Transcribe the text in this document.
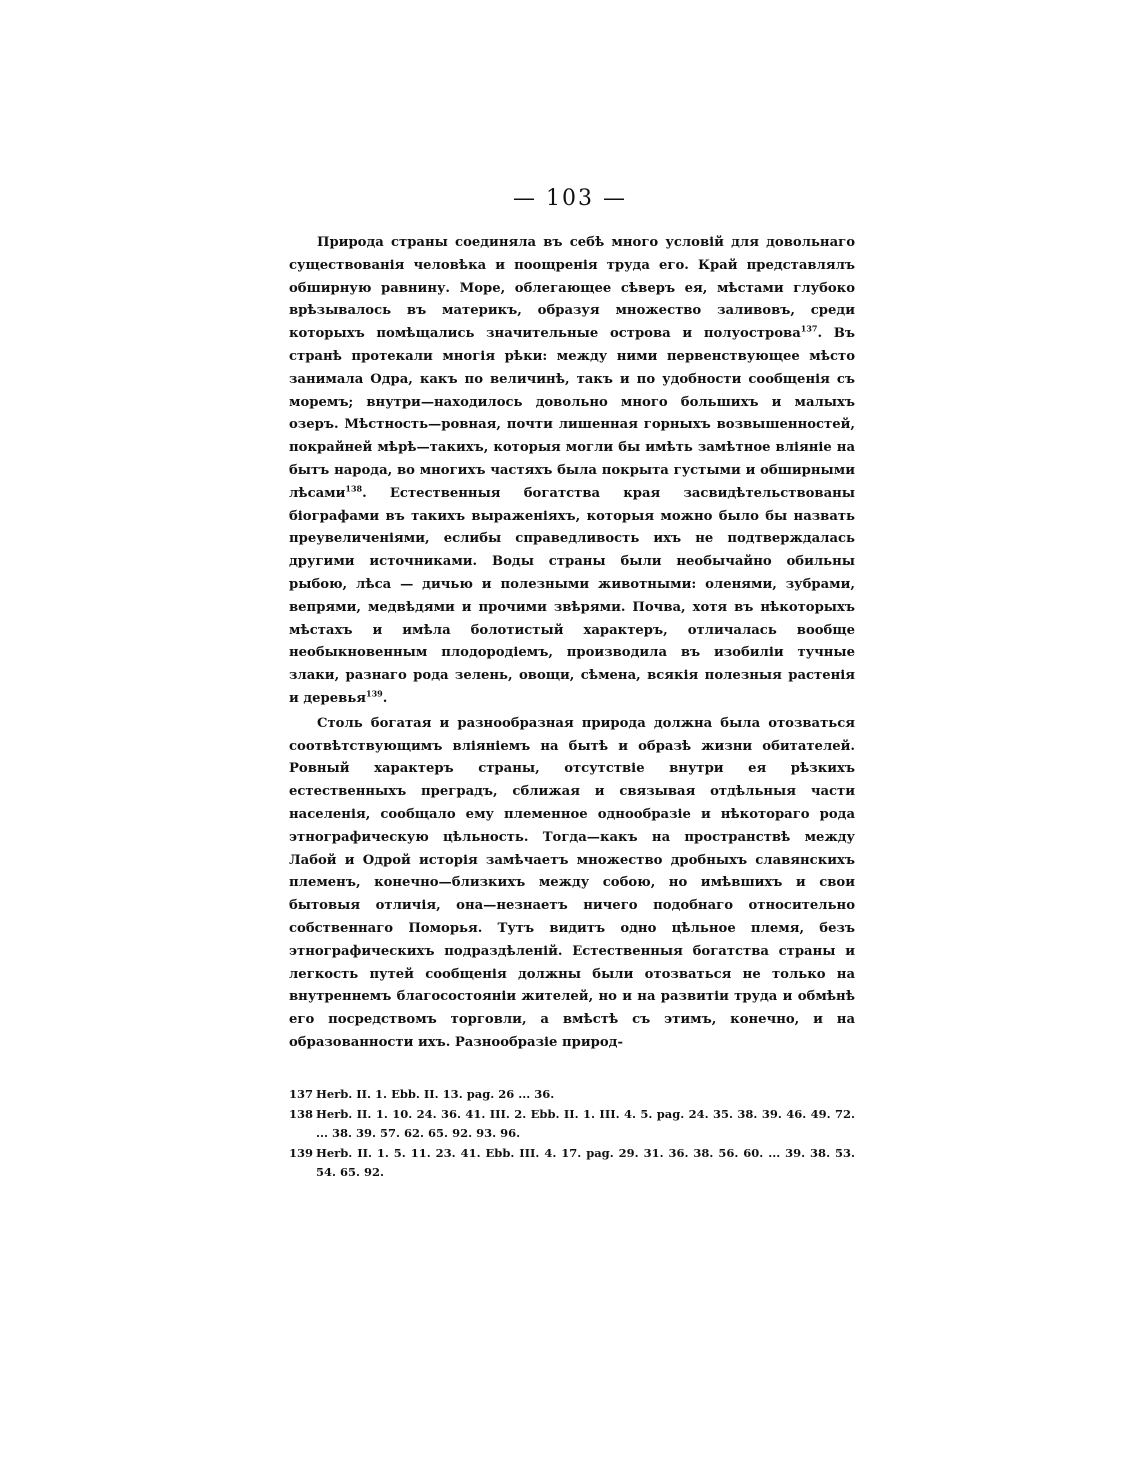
— 103 —

Природа страны соединяла въ себѣ много условій для довольнаго существованія человѣка и поощренія труда его. Край представлялъ обширную равнину. Море, облегающее сѣверъ ея, мѣстами глубоко врѣзывалось въ материкъ, образуя множество заливовъ, среди которыхъ помѣщались значительные острова и полуострова$^{137}$. Въ странѣ протекали многія рѣки: между ними первенствующее мѣсто занимала Одра, какъ по величинѣ, такъ и по удобности сообщенія съ моремъ; внутри—находилось довольно много большихъ и малыхъ озеръ. Мѣстность—ровная, почти лишенная горныхъ возвышенностей, покрайней мѣрѣ—такихъ, которыя могли бы имѣть замѣтное вліяніе на бытъ народа, во многихъ частяхъ была покрыта густыми и обширными лѣсами$^{138}$. Естественныя богатства края засвидѣтельствованы біографами въ такихъ выраженіяхъ, которыя можно было бы назвать преувеличеніями, еслибы справедливость ихъ не подтверждалась другими источниками. Воды страны были необычайно обильны рыбою, лѣса — дичью и полезными животными: оленями, зубрами, вепрями, медвѣдями и прочими звѣрями. Почва, хотя въ нѣкоторыхъ мѣстахъ и имѣла болотистый характеръ, отличалась вообще необыкновенным плодородіемъ, производила въ изобиліи тучные злаки, разнаго рода зелень, овощи, сѣмена, всякія полезныя растенія и деревья$^{139}$.

Столь богатая и разнообразная природа должна была отозваться соотвѣтствующимъ вліяніемъ на бытѣ и образѣ жизни обитателей. Ровный характеръ страны, отсутствіе внутри ея рѣзкихъ естественныхъ преградъ, сближая и связывая отдѣльныя части населенія, сообщало ему племенное однообразіе и нѣкотораго рода этнографическую цѣльность. Тогда—какъ на пространствѣ между Лабой и Одрой исторія замѣчаетъ множество дробныхъ славянскихъ племенъ, конечно—близкихъ между собою, но имѣвшихъ и свои бытовыя отличія, она—незнаетъ ничего подобнаго относительно собственнаго Поморья. Тутъ видитъ одно цѣльное племя, безъ этнографическихъ подраздѣленій. Естественныя богатства страны и легкость путей сообщенія должны были отозваться не только на внутреннемъ благосостояніи жителей, но и на развитіи труда и обмѣнѣ его посредствомъ торговли, а вмѣстѣ съ этимъ, конечно, и на образованности ихъ. Разнообразіе природ-

137 Herb. II. 1. Ebb. II. 13. pag. 26 ... 36.
138 Herb. II. 1. 10. 24. 36. 41. III. 2. Ebb. II. 1. III. 4. 5. pag. 24. 35. 38. 39. 46. 49. 72. ... 38. 39. 57. 62. 65. 92. 93. 96.
139 Herb. II. 1. 5. 11. 23. 41. Ebb. III. 4. 17. pag. 29. 31. 36. 38. 56. 60. ... 39. 38. 53. 54. 65. 92.
